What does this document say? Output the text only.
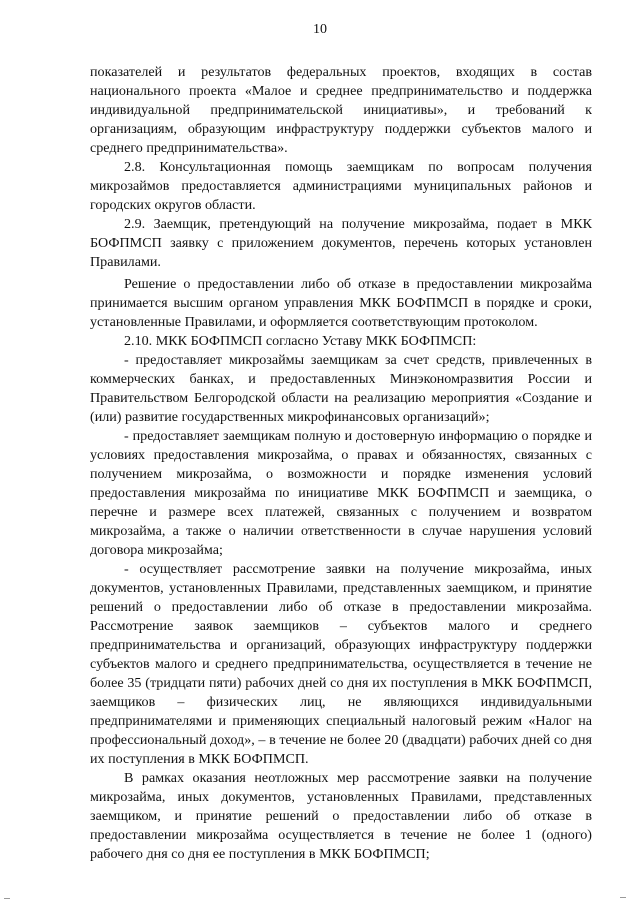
10

показателей и результатов федеральных проектов, входящих в состав национального проекта «Малое и среднее предпринимательство и поддержка индивидуальной предпринимательской инициативы», и требований к организациям, образующим инфраструктуру поддержки субъектов малого и среднего предпринимательства».

2.8. Консультационная помощь заемщикам по вопросам получения микрозаймов предоставляется администрациями муниципальных районов и городских округов области.

2.9. Заемщик, претендующий на получение микрозайма, подает в МКК БОФПМСП заявку с приложением документов, перечень которых установлен Правилами.

Решение о предоставлении либо об отказе в предоставлении микрозайма принимается высшим органом управления МКК БОФПМСП в порядке и сроки, установленные Правилами, и оформляется соответствующим протоколом.

2.10. МКК БОФПМСП согласно Уставу МКК БОФПМСП:

- предоставляет микрозаймы заемщикам за счет средств, привлеченных в коммерческих банках, и предоставленных Минэкономразвития России и Правительством Белгородской области на реализацию мероприятия «Создание и (или) развитие государственных микрофинансовых организаций»;

- предоставляет заемщикам полную и достоверную информацию о порядке и условиях предоставления микрозайма, о правах и обязанностях, связанных с получением микрозайма, о возможности и порядке изменения условий предоставления микрозайма по инициативе МКК БОФПМСП и заемщика, о перечне и размере всех платежей, связанных с получением и возвратом микрозайма, а также о наличии ответственности в случае нарушения условий договора микрозайма;

- осуществляет рассмотрение заявки на получение микрозайма, иных документов, установленных Правилами, представленных заемщиком, и принятие решений о предоставлении либо об отказе в предоставлении микрозайма. Рассмотрение заявок заемщиков – субъектов малого и среднего предпринимательства и организаций, образующих инфраструктуру поддержки субъектов малого и среднего предпринимательства, осуществляется в течение не более 35 (тридцати пяти) рабочих дней со дня их поступления в МКК БОФПМСП, заемщиков – физических лиц, не являющихся индивидуальными предпринимателями и применяющих специальный налоговый режим «Налог на профессиональный доход», – в течение не более 20 (двадцати) рабочих дней со дня их поступления в МКК БОФПМСП.

В рамках оказания неотложных мер рассмотрение заявки на получение микрозайма, иных документов, установленных Правилами, представленных заемщиком, и принятие решений о предоставлении либо об отказе в предоставлении микрозайма осуществляется в течение не более 1 (одного) рабочего дня со дня ее поступления в МКК БОФПМСП;
